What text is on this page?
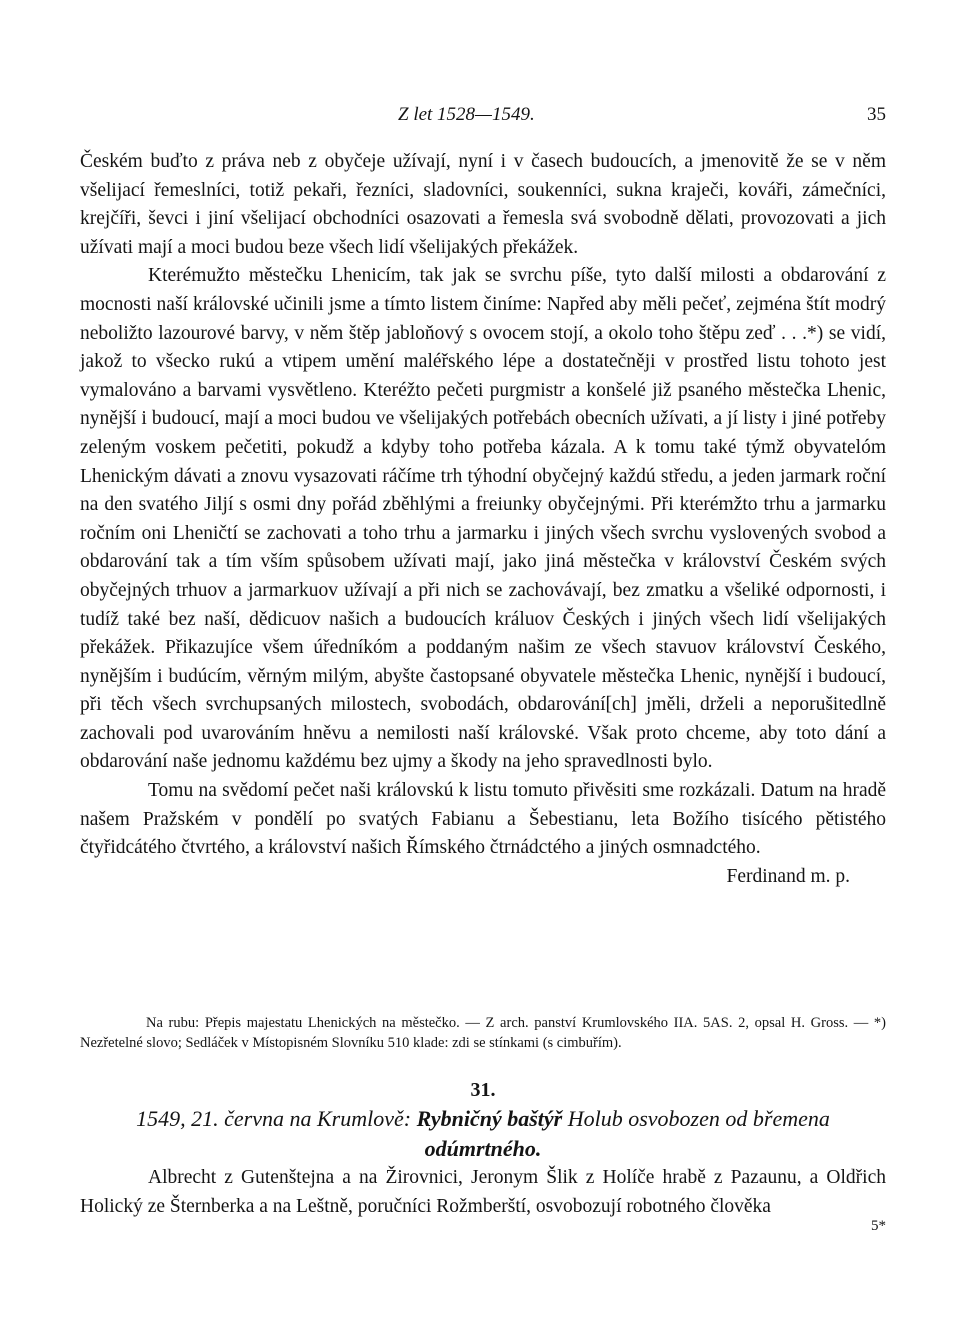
Z let 1528—1549.	35

Českém buďto z práva neb z obyčeje užívají, nyní i v časech budoucích, a jmenovitě že se v něm všelijací řemeslníci, totiž pekaři, řezníci, sladovníci, soukenníci, sukna kraječi, kováři, zámečníci, krejčíři, ševci i jiní všelijací obchodníci osazovati a řemesla svá svobodně dělati, provozovati a jich užívati mají a moci budou beze všech lidí všelijakých překážek.

Kterémužto městečku Lhenicím, tak jak se svrchu píše, tyto další milosti a obdarování z mocnosti naší královské učinili jsme a tímto listem činíme: Napřed aby měli pečeť, zejména štít modrý neboližto lazourové barvy, v něm štěp jabloňový s ovocem stojí, a okolo toho štěpu zeď . . .*) se vidí, jakož to všecko rukú a vtipem umění maléřského lépe a dostatečněji v prostřed listu tohoto jest vymalováno a barvami vysvětleno. Kteréžto pečeti purgmistr a konšelé již psaného městečka Lhenic, nynější i budoucí, mají a moci budou ve všelijakých potřebách obecních užívati, a jí listy i jiné potřeby zeleným voskem pečetiti, pokudž a kdyby toho potřeba kázala. A k tomu také týmž obyvatelóm Lhenickým dávati a znovu vysazovati ráčíme trh týhodní obyčejný každú středu, a jeden jarmark roční na den svatého Jiljí s osmi dny pořád zběhlými a freiunky obyčejnými. Při kterémžto trhu a jarmarku ročním oni Lheničtí se zachovati a toho trhu a jarmarku i jiných všech svrchu vyslovených svobod a obdarování tak a tím vším spůsobem užívati mají, jako jiná městečka v království Českém svých obyčejných trhuov a jarmarkuov užívají a při nich se zachovávají, bez zmatku a všeliké odpornosti, i tudíž také bez naší, dědicuov našich a budoucích králuov Českých i jiných všech lidí všelijakých překážek. Přikazujíce všem úředníkóm a poddaným našim ze všech stavuov království Českého, nynějším i budúcím, věrným milým, abyšte častopsané obyvatele městečka Lhenic, nynější i budoucí, při těch všech svrchupsaných milostech, svobodách, obdarování[ch] jměli, drželi a neporušitedlně zachovali pod uvarováním hněvu a nemilosti naší královské. Však proto chceme, aby toto dání a obdarování naše jednomu každému bez ujmy a škody na jeho spravedlnosti bylo.

Tomu na svědomí pečet naši královskú k listu tomuto přivěsiti sme rozkázali. Datum na hradě našem Pražském v pondělí po svatých Fabianu a Šebestianu, leta Božího tisícého pětistého čtyřidcátého čtvrtého, a království našich Římského čtrnádctého a jiných osmnadctého.
Ferdinand m. p.

Na rubu: Přepis majestatu Lhenických na městečko. — Z arch. panství Krumlovského IIA. 5AS. 2, opsal H. Gross. — *) Nezřetelné slovo; Sedláček v Místopisném Slovníku 510 klade: zdi se stínkami (s cimbuřím).
31.
1549, 21. června na Krumlově: Rybničný baštýř Holub osvobozen od břemena
odúmrtného.

Albrecht z Gutenštejna a na Žirovnici, Jeronym Šlik z Holíče hrabě z Pazaunu, a Oldřich Holický ze Šternberka a na Leštně, poručníci Rožmberští, osvobozují robotného člověka

5*
